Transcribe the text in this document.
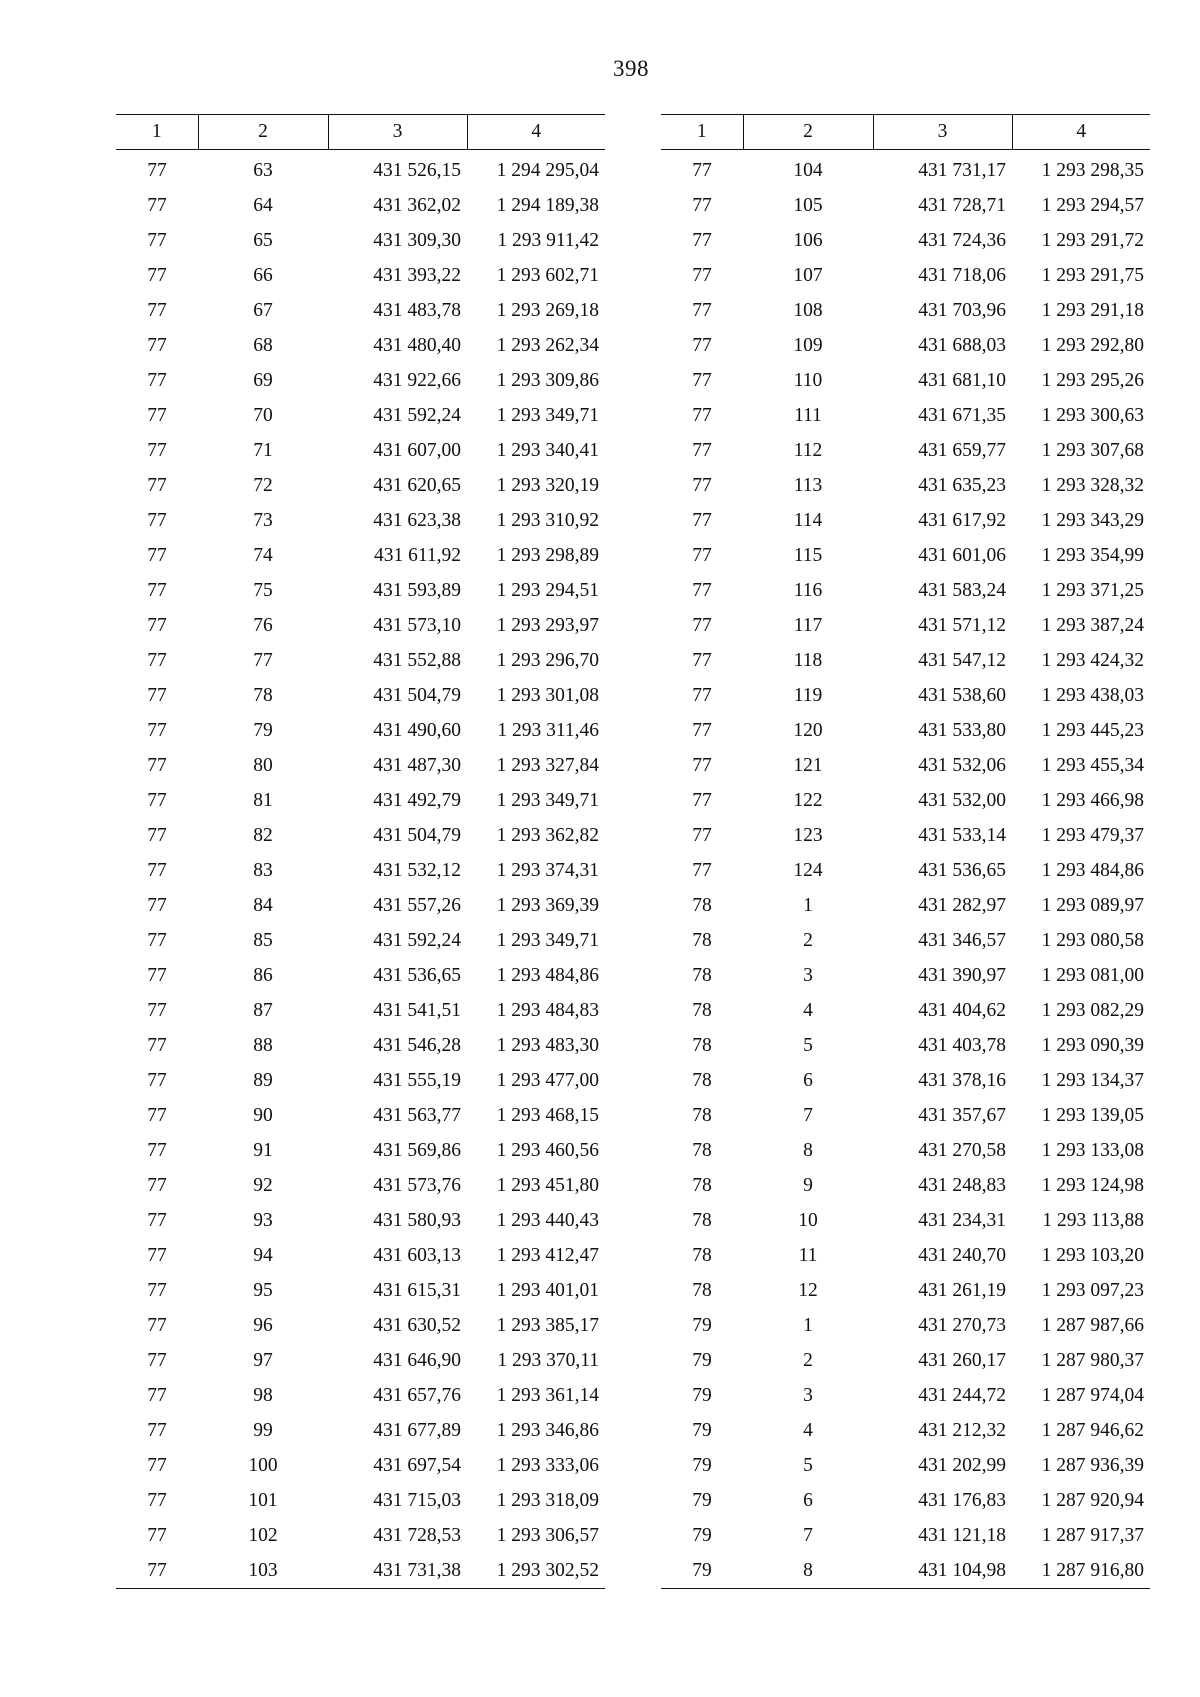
398
1	2	3	4
77	63	431 526,15	1 294 295,04
77	64	431 362,02	1 294 189,38
77	65	431 309,30	1 293 911,42
77	66	431 393,22	1 293 602,71
77	67	431 483,78	1 293 269,18
77	68	431 480,40	1 293 262,34
77	69	431 922,66	1 293 309,86
77	70	431 592,24	1 293 349,71
77	71	431 607,00	1 293 340,41
77	72	431 620,65	1 293 320,19
77	73	431 623,38	1 293 310,92
77	74	431 611,92	1 293 298,89
77	75	431 593,89	1 293 294,51
77	76	431 573,10	1 293 293,97
77	77	431 552,88	1 293 296,70
77	78	431 504,79	1 293 301,08
77	79	431 490,60	1 293 311,46
77	80	431 487,30	1 293 327,84
77	81	431 492,79	1 293 349,71
77	82	431 504,79	1 293 362,82
77	83	431 532,12	1 293 374,31
77	84	431 557,26	1 293 369,39
77	85	431 592,24	1 293 349,71
77	86	431 536,65	1 293 484,86
77	87	431 541,51	1 293 484,83
77	88	431 546,28	1 293 483,30
77	89	431 555,19	1 293 477,00
77	90	431 563,77	1 293 468,15
77	91	431 569,86	1 293 460,56
77	92	431 573,76	1 293 451,80
77	93	431 580,93	1 293 440,43
77	94	431 603,13	1 293 412,47
77	95	431 615,31	1 293 401,01
77	96	431 630,52	1 293 385,17
77	97	431 646,90	1 293 370,11
77	98	431 657,76	1 293 361,14
77	99	431 677,89	1 293 346,86
77	100	431 697,54	1 293 333,06
77	101	431 715,03	1 293 318,09
77	102	431 728,53	1 293 306,57
77	103	431 731,38	1 293 302,52
1	2	3	4
77	104	431 731,17	1 293 298,35
77	105	431 728,71	1 293 294,57
77	106	431 724,36	1 293 291,72
77	107	431 718,06	1 293 291,75
77	108	431 703,96	1 293 291,18
77	109	431 688,03	1 293 292,80
77	110	431 681,10	1 293 295,26
77	111	431 671,35	1 293 300,63
77	112	431 659,77	1 293 307,68
77	113	431 635,23	1 293 328,32
77	114	431 617,92	1 293 343,29
77	115	431 601,06	1 293 354,99
77	116	431 583,24	1 293 371,25
77	117	431 571,12	1 293 387,24
77	118	431 547,12	1 293 424,32
77	119	431 538,60	1 293 438,03
77	120	431 533,80	1 293 445,23
77	121	431 532,06	1 293 455,34
77	122	431 532,00	1 293 466,98
77	123	431 533,14	1 293 479,37
77	124	431 536,65	1 293 484,86
78	1	431 282,97	1 293 089,97
78	2	431 346,57	1 293 080,58
78	3	431 390,97	1 293 081,00
78	4	431 404,62	1 293 082,29
78	5	431 403,78	1 293 090,39
78	6	431 378,16	1 293 134,37
78	7	431 357,67	1 293 139,05
78	8	431 270,58	1 293 133,08
78	9	431 248,83	1 293 124,98
78	10	431 234,31	1 293 113,88
78	11	431 240,70	1 293 103,20
78	12	431 261,19	1 293 097,23
79	1	431 270,73	1 287 987,66
79	2	431 260,17	1 287 980,37
79	3	431 244,72	1 287 974,04
79	4	431 212,32	1 287 946,62
79	5	431 202,99	1 287 936,39
79	6	431 176,83	1 287 920,94
79	7	431 121,18	1 287 917,37
79	8	431 104,98	1 287 916,80
